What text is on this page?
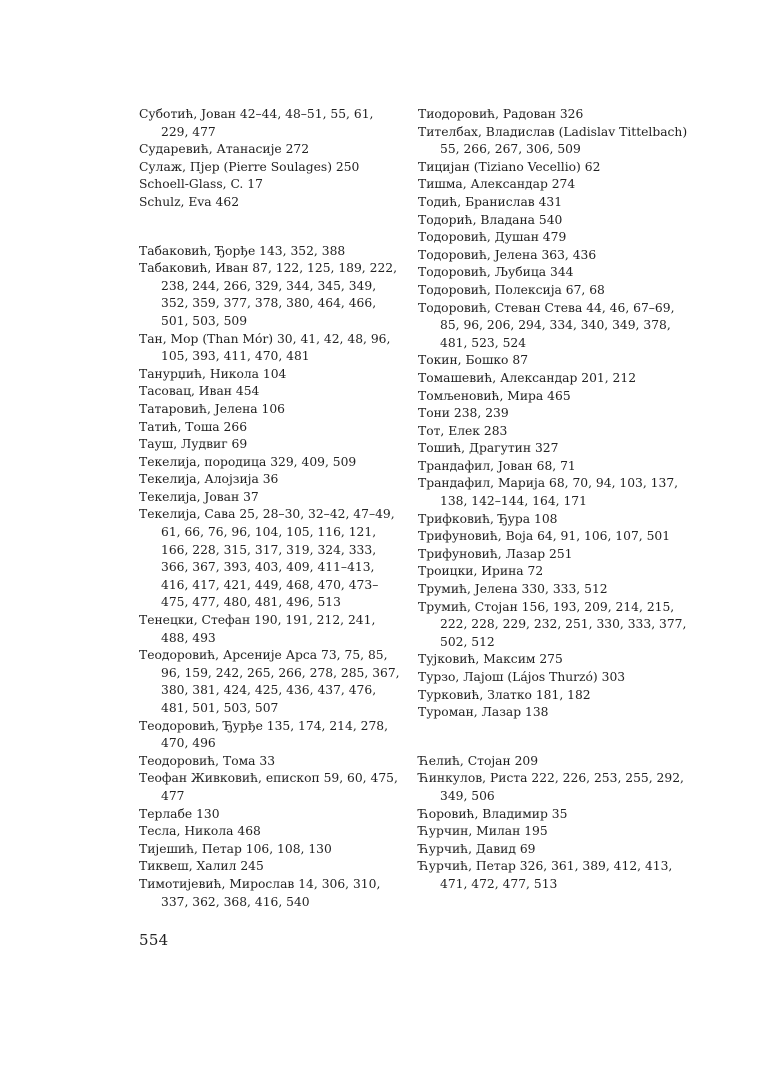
Суботић, Јован 42–44, 48–51, 55, 61, 229, 477

Сударевић, Атанасије 272

Сулаж, Пјер (Pierre Soulages) 250

Schoell-Glass, C. 17

Schulz, Eva 462

Табаковић, Ђорђе 143, 352, 388

Табаковић, Иван 87, 122, 125, 189, 222, 238, 244, 266, 329, 344, 345, 349, 352, 359, 377, 378, 380, 464, 466, 501, 503, 509

Тан, Мор (Than Mór) 30, 41, 42, 48, 96, 105, 393, 411, 470, 481

Танурџић, Никола 104

Тасовац, Иван 454

Татаровић, Јелена 106

Татић, Тоша 266

Тауш, Лудвиг 69

Текелија, породица 329, 409, 509

Текелија, Алојзија 36

Текелија, Јован 37

Текелија, Сава 25, 28–30, 32–42, 47–49, 61, 66, 76, 96, 104, 105, 116, 121, 166, 228, 315, 317, 319, 324, 333, 366, 367, 393, 403, 409, 411–413, 416, 417, 421, 449, 468, 470, 473–475, 477, 480, 481, 496, 513

Тенецки, Стефан 190, 191, 212, 241, 488, 493

Теодоровић, Арсеније Арса 73, 75, 85, 96, 159, 242, 265, 266, 278, 285, 367, 380, 381, 424, 425, 436, 437, 476, 481, 501, 503, 507

Теодоровић, Ђурђе 135, 174, 214, 278, 470, 496

Теодоровић, Тома 33

Теофан Живковић, епископ 59, 60, 475, 477

Терлабе 130

Тесла, Никола 468

Тијешић, Петар 106, 108, 130

Тиквеш, Халил 245

Тимотијевић, Мирослав 14, 306, 310, 337, 362, 368, 416, 540

Тиодоровић, Радован 326

Тителбах, Владислав (Ladislav Tittelbach) 55, 266, 267, 306, 509

Тицијан (Tiziano Vecellio) 62

Тишма, Александар 274

Тодић, Бранислав 431

Тодорић, Владана 540

Тодоровић, Душан 479

Тодоровић, Јелена 363, 436

Тодоровић, Љубица 344

Тодоровић, Полексија 67, 68

Тодоровић, Стеван Стева 44, 46, 67–69, 85, 96, 206, 294, 334, 340, 349, 378, 481, 523, 524

Токин, Бошко 87

Томашевић, Александар 201, 212

Томљеновић, Мира 465

Тони 238, 239

Тот, Елек 283

Тошић, Драгутин 327

Трандафил, Јован 68, 71

Трандафил, Марија 68, 70, 94, 103, 137, 138, 142–144, 164, 171

Трифковић, Ђура 108

Трифуновић, Воја 64, 91, 106, 107, 501

Трифуновић, Лазар 251

Троицки, Ирина 72

Трумић, Јелена 330, 333, 512

Трумић, Стојан 156, 193, 209, 214, 215, 222, 228, 229, 232, 251, 330, 333, 377, 502, 512

Тујковић, Максим 275

Турзо, Лајош (Lájos Thurzó) 303

Турковић, Златко 181, 182

Туроман, Лазар 138

Ћелић, Стојан 209

Ћинкулов, Риста 222, 226, 253, 255, 292, 349, 506

Ћоровић, Владимир 35

Ћурчин, Милан 195

Ћурчић, Давид 69

Ћурчић, Петар 326, 361, 389, 412, 413, 471, 472, 477, 513

554
